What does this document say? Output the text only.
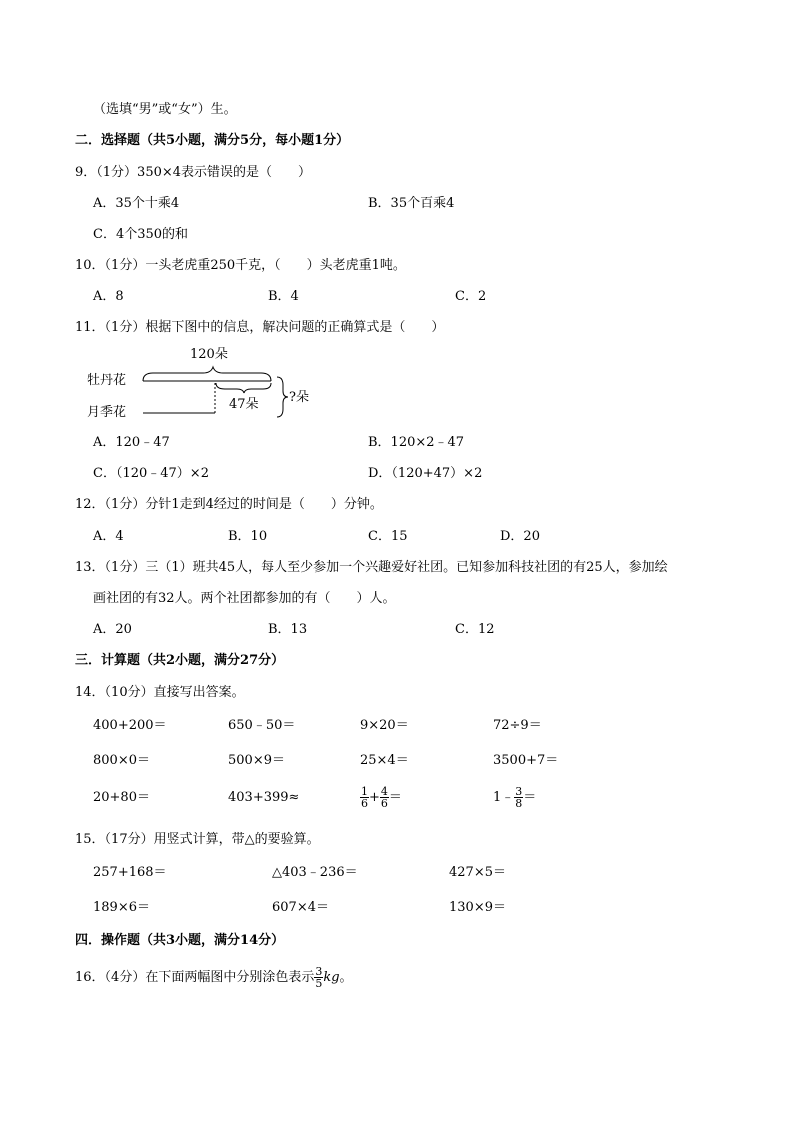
（选填“男”或“女”）生。
二．选择题（共5小题，满分5分，每小题1分）
9．（1分）350×4表示错误的是（　　）
A．35个十乘4	B．35个百乘4
C．4个350的和
10．（1分）一头老虎重250千克，（　　）头老虎重1吨。
A．8	B．4	C．2
11．（1分）根据下图中的信息，解决问题的正确算式是（　　）
120朵
牡丹花
月季花
47朵 ?朵
A．120﹣47	B．120×2﹣47
C．（120﹣47）×2	D．（120+47）×2
12．（1分）分针1走到4经过的时间是（　　）分钟。
A．4	B．10	C．15	D．20
13．（1分）三（1）班共45人，每人至少参加一个兴趣爱好社团。已知参加科技社团的有25人，参加绘
画社团的有32人。两个社团都参加的有（　　）人。
A．20	B．13	C．12
三．计算题（共2小题，满分27分）
14．（10分）直接写出答案。
400+200＝	650﹣50＝	9×20＝	72÷9＝
800×0＝	500×9＝	25×4＝	3500+7＝
20+80＝	403+399≈	$\frac{1}{6} + \frac{4}{6}$ ＝	1﹣ $\frac{3}{8}$ ＝
15．（17分）用竖式计算，带△的要验算。
257+168＝	△403﹣236＝	427×5＝
189×6＝	607×4＝	130×9＝
四．操作题（共3小题，满分14分）
16．（4分）在下面两幅图中分别涂色表示 $\frac{3}{5}$ kg。
